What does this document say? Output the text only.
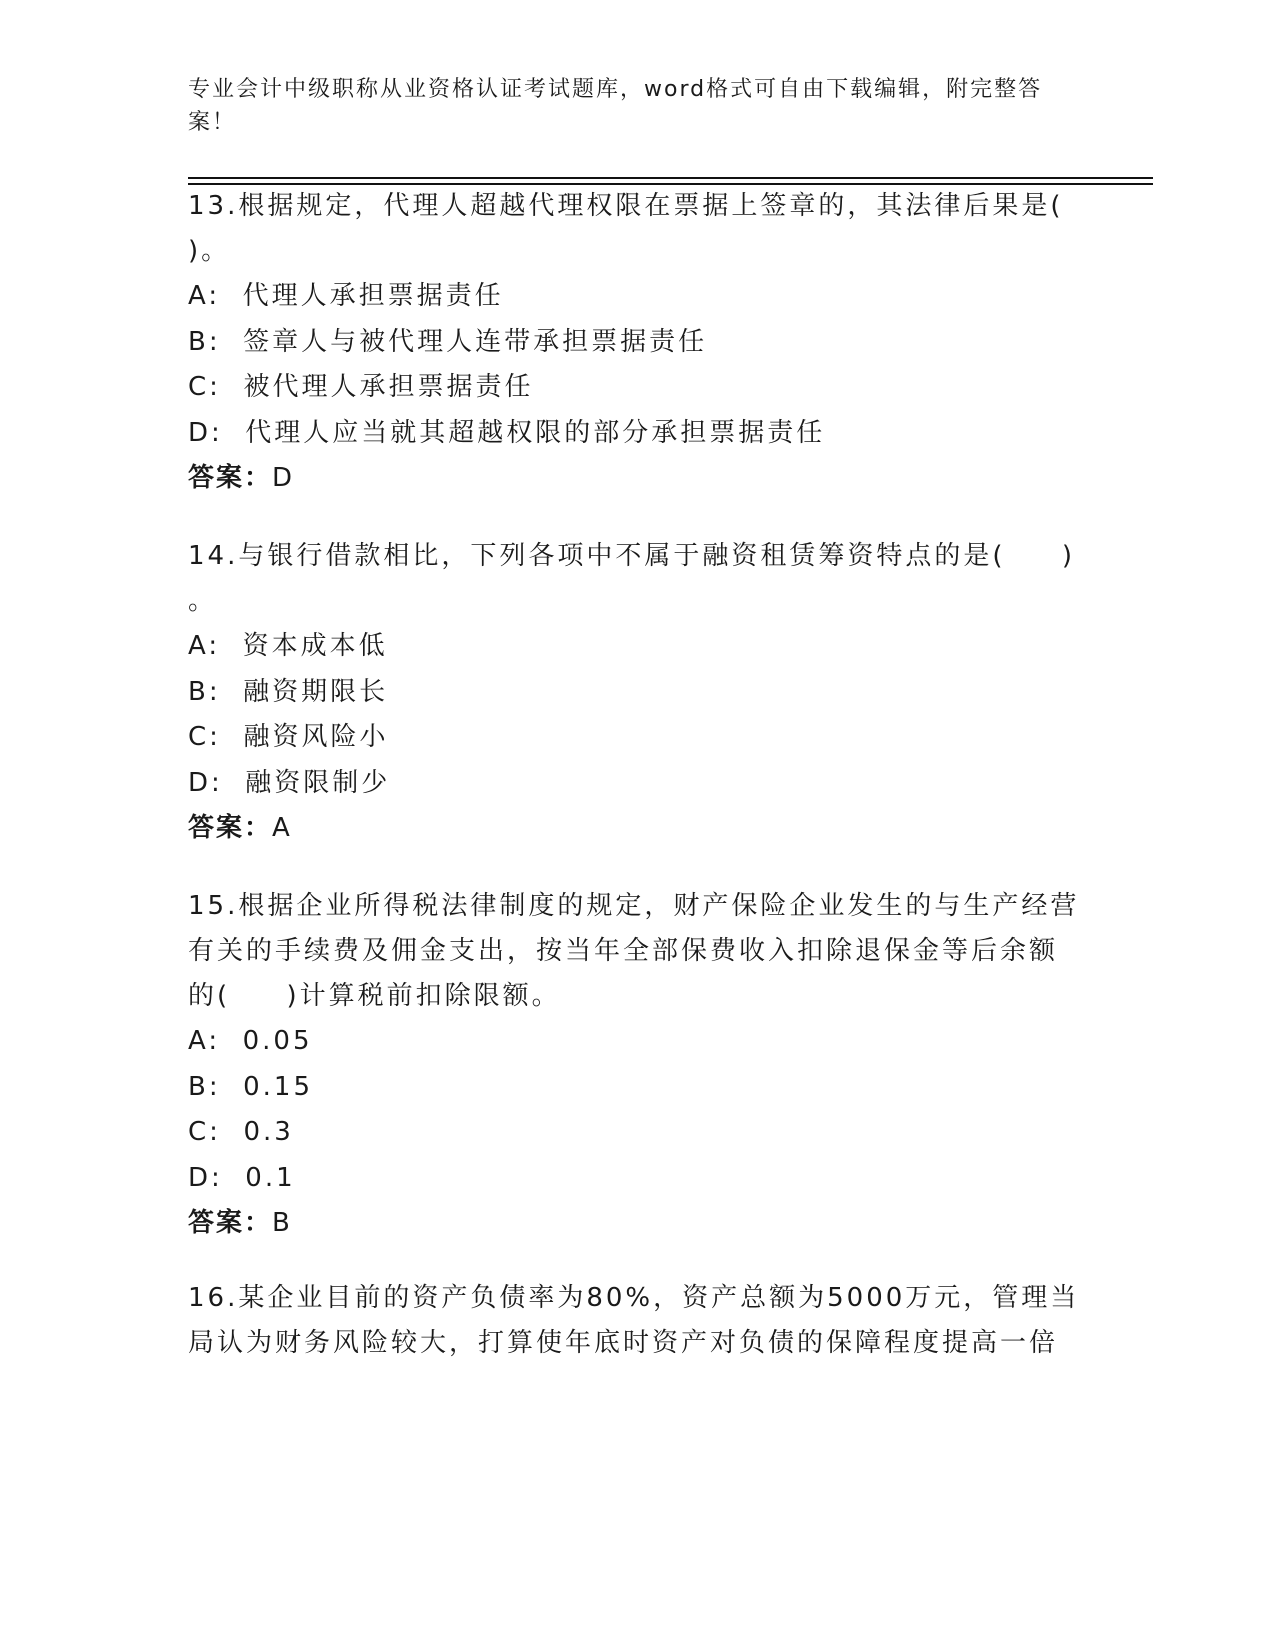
专业会计中级职称从业资格认证考试题库，word格式可自由下载编辑，附完整答案！

13.根据规定，代理人超越代理权限在票据上签章的，其法律后果是(
)。

A:  代理人承担票据责任

B:  签章人与被代理人连带承担票据责任

C:  被代理人承担票据责任

D:  代理人应当就其超越权限的部分承担票据责任

答案：D

14.与银行借款相比，下列各项中不属于融资租赁筹资特点的是(     )
。

A:  资本成本低

B:  融资期限长

C:  融资风险小

D:  融资限制少

答案：A

15.根据企业所得税法律制度的规定，财产保险企业发生的与生产经营
有关的手续费及佣金支出，按当年全部保费收入扣除退保金等后余额
的(     )计算税前扣除限额。

A:  0.05

B:  0.15

C:  0.3

D:  0.1

答案：B

16.某企业目前的资产负债率为80%，资产总额为5000万元，管理当
局认为财务风险较大，打算使年底时资产对负债的保障程度提高一倍
